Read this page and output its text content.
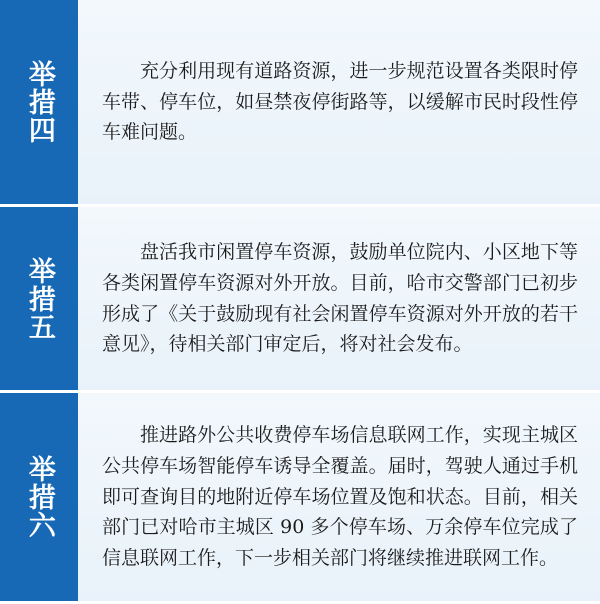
举措四	充分利用现有道路资源，进一步规范设置各类限时停车带、停车位，如昼禁夜停街路等，以缓解市民时段性停车难问题。

举措五

盘活我市闲置停车资源，鼓励单位院内、小区地下等各类闲置停车资源对外开放。目前，哈市交警部门已初步形成了《关于鼓励现有社会闲置停车资源对外开放的若干意见》，待相关部门审定后，将对社会发布。

举措六

推进路外公共收费停车场信息联网工作，实现主城区公共停车场智能停车诱导全覆盖。届时，驾驶人通过手机即可查询目的地附近停车场位置及饱和状态。目前，相关部门已对哈市主城区 90 多个停车场、万余停车位完成了信息联网工作，下一步相关部门将继续推进联网工作。
